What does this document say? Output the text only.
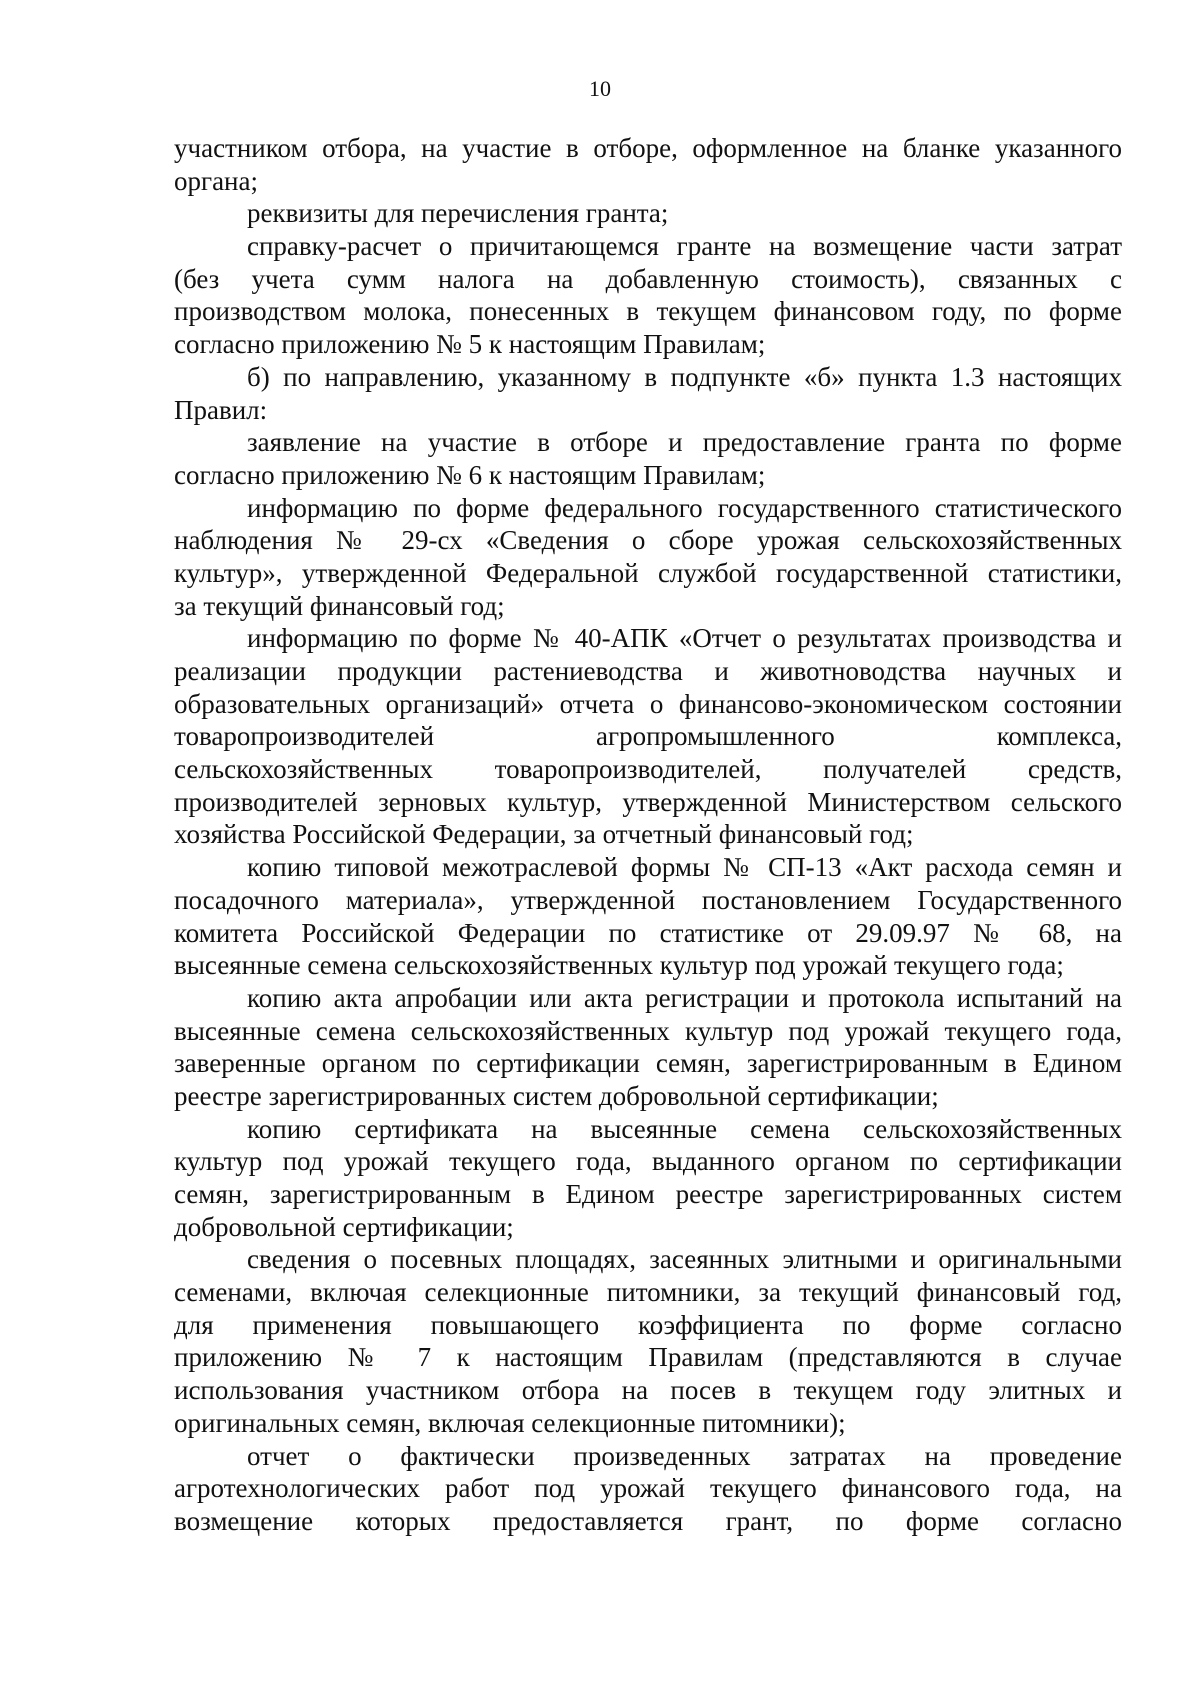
10
участником отбора, на участие в отборе, оформленное на бланке указанного
органа;
реквизиты для перечисления гранта;
справку-расчет о причитающемся гранте на возмещение части затрат
(без учета сумм налога на добавленную стоимость), связанных с
производством молока, понесенных в текущем финансовом году, по форме
согласно приложению № 5 к настоящим Правилам;
б) по направлению, указанному в подпункте «б» пункта 1.3 настоящих
Правил:
заявление на участие в отборе и предоставление гранта по форме
согласно приложению № 6 к настоящим Правилам;
информацию по форме федерального государственного статистического
наблюдения № 29-сх «Сведения о сборе урожая сельскохозяйственных
культур», утвержденной Федеральной службой государственной статистики,
за текущий финансовый год;
информацию по форме № 40-АПК «Отчет о результатах производства и
реализации продукции растениеводства и животноводства научных и
образовательных организаций» отчета о финансово-экономическом состоянии
товаропроизводителей агропромышленного комплекса,
сельскохозяйственных товаропроизводителей, получателей средств,
производителей зерновых культур, утвержденной Министерством сельского
хозяйства Российской Федерации, за отчетный финансовый год;
копию типовой межотраслевой формы № СП-13 «Акт расхода семян и
посадочного материала», утвержденной постановлением Государственного
комитета Российской Федерации по статистике от 29.09.97 № 68, на
высеянные семена сельскохозяйственных культур под урожай текущего года;
копию акта апробации или акта регистрации и протокола испытаний на
высеянные семена сельскохозяйственных культур под урожай текущего года,
заверенные органом по сертификации семян, зарегистрированным в Едином
реестре зарегистрированных систем добровольной сертификации;
копию сертификата на высеянные семена сельскохозяйственных
культур под урожай текущего года, выданного органом по сертификации
семян, зарегистрированным в Едином реестре зарегистрированных систем
добровольной сертификации;
сведения о посевных площадях, засеянных элитными и оригинальными
семенами, включая селекционные питомники, за текущий финансовый год,
для применения повышающего коэффициента по форме согласно
приложению № 7 к настоящим Правилам (представляются в случае
использования участником отбора на посев в текущем году элитных и
оригинальных семян, включая селекционные питомники);
отчет о фактически произведенных затратах на проведение
агротехнологических работ под урожай текущего финансового года, на
возмещение которых предоставляется грант, по форме согласно
